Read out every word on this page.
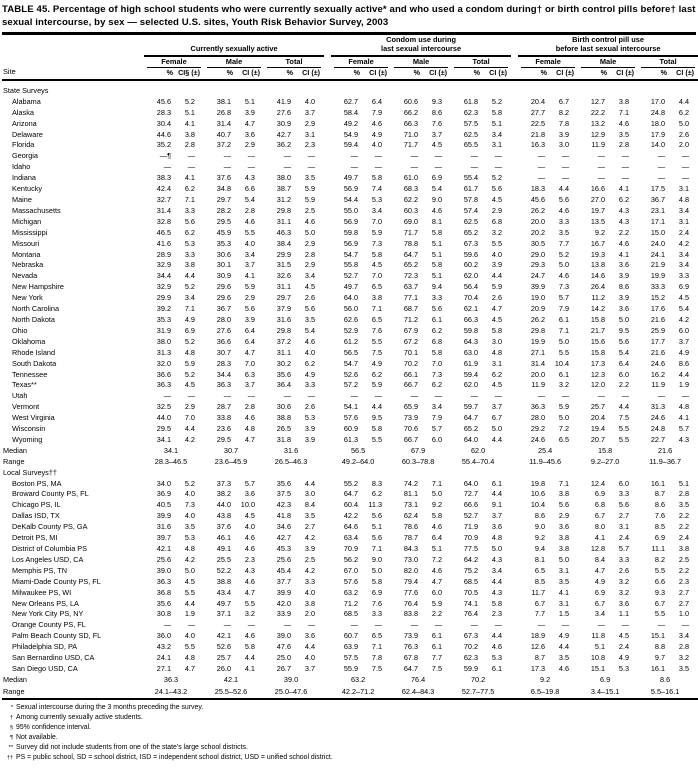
TABLE 45. Percentage of high school students who were currently sexually active* and who used a condom during† or birth control pills before† last sexual intercourse, by sex — selected U.S. sites, Youth Risk Behavior Survey, 2003
Site	
Currently sexually active

Condom use during
last sexual intercourse

Birth control pill use
before last sexual intercourse

	Female		Male		Total			Female		Male		Total			Female		Male		Total	

	%	CI§ (±)	%	CI (±)	%	CI (±)		%	CI (±)	%	CI (±)	%	CI (±)		%	CI (±)	%	CI (±)	%	CI (±)
State Surveys																				
Alabama	45.6	5.2	38.1	5.1	41.9	4.0		62.7	6.4	60.6	9.3	61.8	5.2		20.4	6.7	12.7	3.8	17.0	4.4
Alaska	28.3	5.1	26.8	3.9	27.6	3.7		58.4	7.9	66.2	8.6	62.3	5.8		27.7	8.2	22.2	7.1	24.8	6.2
Arizona	30.4	4.1	31.4	4.7	30.9	2.9		49.2	4.6	66.3	7.6	57.5	5.1		22.5	7.8	13.2	4.6	18.0	5.0
Delaware	44.6	3.8	40.7	3.6	42.7	3.1		54.9	4.9	71.0	3.7	62.5	3.4		21.8	3.9	12.9	3.5	17.9	2.6
Florida	35.2	2.8	37.2	2.9	36.2	2.3		59.4	4.0	71.7	4.5	65.5	3.1		16.3	3.0	11.9	2.8	14.0	2.0
Georgia	—¶	—	—	—	—	—		—	—	—	—	—	—		—	—	—	—	—	—
Idaho	—	—	—	—	—	—		—	—	—	—	—	—		—	—	—	—	—	—
Indiana	38.3	4.1	37.6	4.3	38.0	3.5		49.7	5.8	61.0	6.9	55.4	5.2		—	—	—	—	—	—
Kentucky	42.4	6.2	34.8	6.6	38.7	5.9		56.9	7.4	68.3	5.4	61.7	5.6		18.3	4.4	16.6	4.1	17.5	3.1
Maine	32.7	7.1	29.7	5.4	31.2	5.9		54.4	5.3	62.2	9.0	57.8	4.5		45.6	5.6	27.0	6.2	36.7	4.8
Massachusetts	31.4	3.3	28.2	2.8	29.8	2.5		55.0	3.4	60.3	4.6	57.4	2.9		26.2	4.6	19.7	4.3	23.1	3.4
Michigan	32.8	5.6	29.5	4.6	31.1	4.6		56.9	7.0	69.0	8.1	62.5	6.8		20.0	3.3	13.5	4.3	17.1	3.1
Mississippi	46.5	6.2	45.9	5.5	46.3	5.0		59.8	5.9	71.7	5.8	65.2	3.2		20.2	3.5	9.2	2.2	15.0	2.4
Missouri	41.6	5.3	35.3	4.0	38.4	2.9		56.9	7.3	78.8	5.1	67.3	5.5		30.5	7.7	16.7	4.6	24.0	4.2
Montana	28.9	3.3	30.6	3.4	29.9	2.8		54.7	5.8	64.7	5.1	59.6	4.0		29.0	5.2	19.3	4.1	24.1	3.4
Nebraska	32.9	3.8	30.1	3.7	31.5	2.9		55.8	4.5	65.2	5.8	60.2	3.9		29.3	5.0	13.8	3.6	21.9	3.4
Nevada	34.4	4.4	30.9	4.1	32.6	3.4		52.7	7.0	72.3	5.1	62.0	4.4		24.7	4.6	14.6	3.9	19.9	3.3
New Hampshire	32.9	5.2	29.6	5.9	31.1	4.5		49.7	6.5	63.7	9.4	56.4	5.9		39.9	7.3	26.4	8.6	33.3	6.9
New York	29.9	3.4	29.6	2.9	29.7	2.6		64.0	3.8	77.1	3.3	70.4	2.6		19.0	5.7	11.2	3.9	15.2	4.5
North Carolina	39.2	7.1	36.7	5.6	37.9	5.6		56.0	7.1	68.7	5.6	62.1	4.7		20.9	7.9	14.2	3.6	17.6	5.4
North Dakota	35.3	4.9	28.0	3.9	31.6	3.5		62.6	6.5	71.2	6.1	66.3	4.5		26.2	6.1	15.8	5.0	21.6	4.2
Ohio	31.9	6.9	27.6	6.4	29.8	5.4		52.9	7.6	67.9	6.2	59.8	5.8		29.8	7.1	21.7	9.5	25.9	6.0
Oklahoma	38.0	5.2	36.6	6.4	37.2	4.6		61.2	5.5	67.2	6.8	64.3	3.0		19.9	5.0	15.6	5.6	17.7	3.7
Rhode Island	31.3	4.8	30.7	4.7	31.1	4.0		56.5	7.5	70.1	5.8	63.0	4.8		27.1	5.5	15.8	5.4	21.6	4.9
South Dakota	32.0	5.9	28.3	7.0	30.2	6.2		54.7	4.9	70.2	7.0	61.9	3.1		31.4	10.4	17.3	6.4	24.6	8.6
Tennessee	36.6	5.2	34.4	6.3	35.6	4.9		52.6	6.2	66.1	7.3	59.4	6.2		20.0	6.1	12.3	6.0	16.2	4.4
Texas**	36.3	4.5	36.3	3.7	36.4	3.3		57.2	5.9	66.7	6.2	62.0	4.5		11.9	3.2	12.0	2.2	11.9	1.9
Utah	—	—	—	—	—	—		—	—	—	—	—	—		—	—	—	—	—	—
Vermont	32.5	2.9	28.7	2.8	30.6	2.6		54.1	4.4	65.9	3.4	59.7	3.7		36.3	5.9	25.7	4.4	31.3	4.8
West Virginia	44.0	7.0	33.8	4.6	38.8	5.3		57.6	9.5	73.9	7.9	64.7	6.7		28.0	5.0	20.4	7.5	24.6	4.1
Wisconsin	29.5	4.4	23.6	4.8	26.5	3.9		60.9	5.8	70.6	5.7	65.2	5.0		29.2	7.2	19.4	5.5	24.8	5.7
Wyoming	34.1	4.2	29.5	4.7	31.8	3.9		61.3	5.5	66.7	6.0	64.0	4.4		24.6	6.5	20.7	5.5	22.7	4.3
Median	34.1		30.7		31.6			56.5		67.9		62.0			25.4		15.8		21.6	
Range	28.3–46.5		23.6–45.9		26.5–46.3			49.2–64.0		60.3–78.8		55.4–70.4			11.9–45.6		9.2–27.0		11.9–36.7	
Local Surveys††																				
Boston PS, MA	34.0	5.2	37.3	5.7	35.6	4.4		55.2	8.3	74.2	7.1	64.0	6.1		19.8	7.1	12.4	6.0	16.1	5.1
Broward County PS, FL	36.9	4.0	38.2	3.6	37.5	3.0		64.7	6.2	81.1	5.0	72.7	4.4		10.6	3.8	6.9	3.3	8.7	2.8
Chicago PS, IL	40.5	7.3	44.0	10.0	42.3	8.4		60.4	11.3	73.1	9.2	66.6	9.1		10.4	5.6	6.8	5.6	8.6	3.5
Dallas ISD, TX	39.9	4.0	43.8	4.5	41.8	3.5		42.2	5.6	62.4	5.8	52.7	3.7		8.6	2.9	6.7	2.7	7.6	2.2
DeKalb County PS, GA	31.6	3.5	37.6	4.0	34.6	2.7		64.6	5.1	78.6	4.6	71.9	3.6		9.0	3.6	8.0	3.1	8.5	2.2
Detroit PS, MI	39.7	5.3	46.1	4.6	42.7	4.2		63.4	5.6	78.7	6.4	70.9	4.8		9.2	3.8	4.1	2.4	6.9	2.4
District of Columbia PS	42.1	4.8	49.1	4.6	45.3	3.9		70.9	7.1	84.3	5.1	77.5	5.0		9.4	3.8	12.8	5.7	11.1	3.8
Los Angeles USD, CA	25.6	4.2	25.5	2.3	25.6	2.5		56.2	9.0	73.0	7.2	64.2	4.3		8.1	5.0	8.4	3.3	8.2	2.5
Memphis PS, TN	39.0	5.0	52.2	4.3	45.4	4.2		67.0	5.0	82.0	4.6	75.2	3.4		6.5	3.1	4.7	2.6	5.5	2.2
Miami-Dade County PS, FL	36.3	4.5	38.8	4.6	37.7	3.3		57.6	5.8	79.4	4.7	68.5	4.4		8.5	3.5	4.9	3.2	6.6	2.3
Milwaukee PS, WI	36.8	5.5	43.4	4.7	39.9	4.0		63.2	6.9	77.6	6.0	70.5	4.3		11.7	4.1	6.9	3.2	9.3	2.7
New Orleans PS, LA	35.6	4.4	49.7	5.5	42.0	3.8		71.2	7.6	76.4	5.9	74.1	5.8		6.7	3.1	6.7	3.6	6.7	2.7
New York City PS, NY	30.8	1.9	37.1	3.2	33.9	2.0		68.5	3.3	83.8	2.2	76.4	2.3		7.7	1.5	3.4	1.1	5.5	1.0
Orange County PS, FL	—	—	—	—	—	—		—	—	—	—	—	—		—	—	—	—	—	—
Palm Beach County SD, FL	36.0	4.0	42.1	4.6	39.0	3.6		60.7	6.5	73.9	6.1	67.3	4.4		18.9	4.9	11.8	4.5	15.1	3.4
Philadelphia SD, PA	43.2	5.5	52.6	5.8	47.6	4.4		63.9	7.1	76.3	6.1	70.2	4.6		12.6	4.4	5.1	2.4	8.8	2.8
San Bernardino USD, CA	24.1	4.8	25.7	4.4	25.0	4.0		57.5	7.8	67.8	7.7	62.3	5.3		8.7	3.5	10.8	4.9	9.7	3.2
San Diego USD, CA	27.1	4.7	26.0	4.1	26.7	3.7		55.9	7.5	64.7	7.5	59.9	6.1		17.3	4.6	15.1	5.3	16.1	3.5
Median	36.3		42.1		39.0			63.2		76.4		70.2			9.2		6.9		8.6	
Range	24.1–43.2		25.5–52.6		25.0–47.6			42.2–71.2		62.4–84.3		52.7–77.5			6.5–19.8		3.4–15.1		5.5–16.1	
* Sexual intercourse during the 3 months preceding the survey.
† Among currently sexually active students.
§ 95% confidence interval.
¶ Not available.
** Survey did not include students from one of the state's large school districts.
†† PS = public school, SD = school district, ISD = independent school district, USD = unified school district.
